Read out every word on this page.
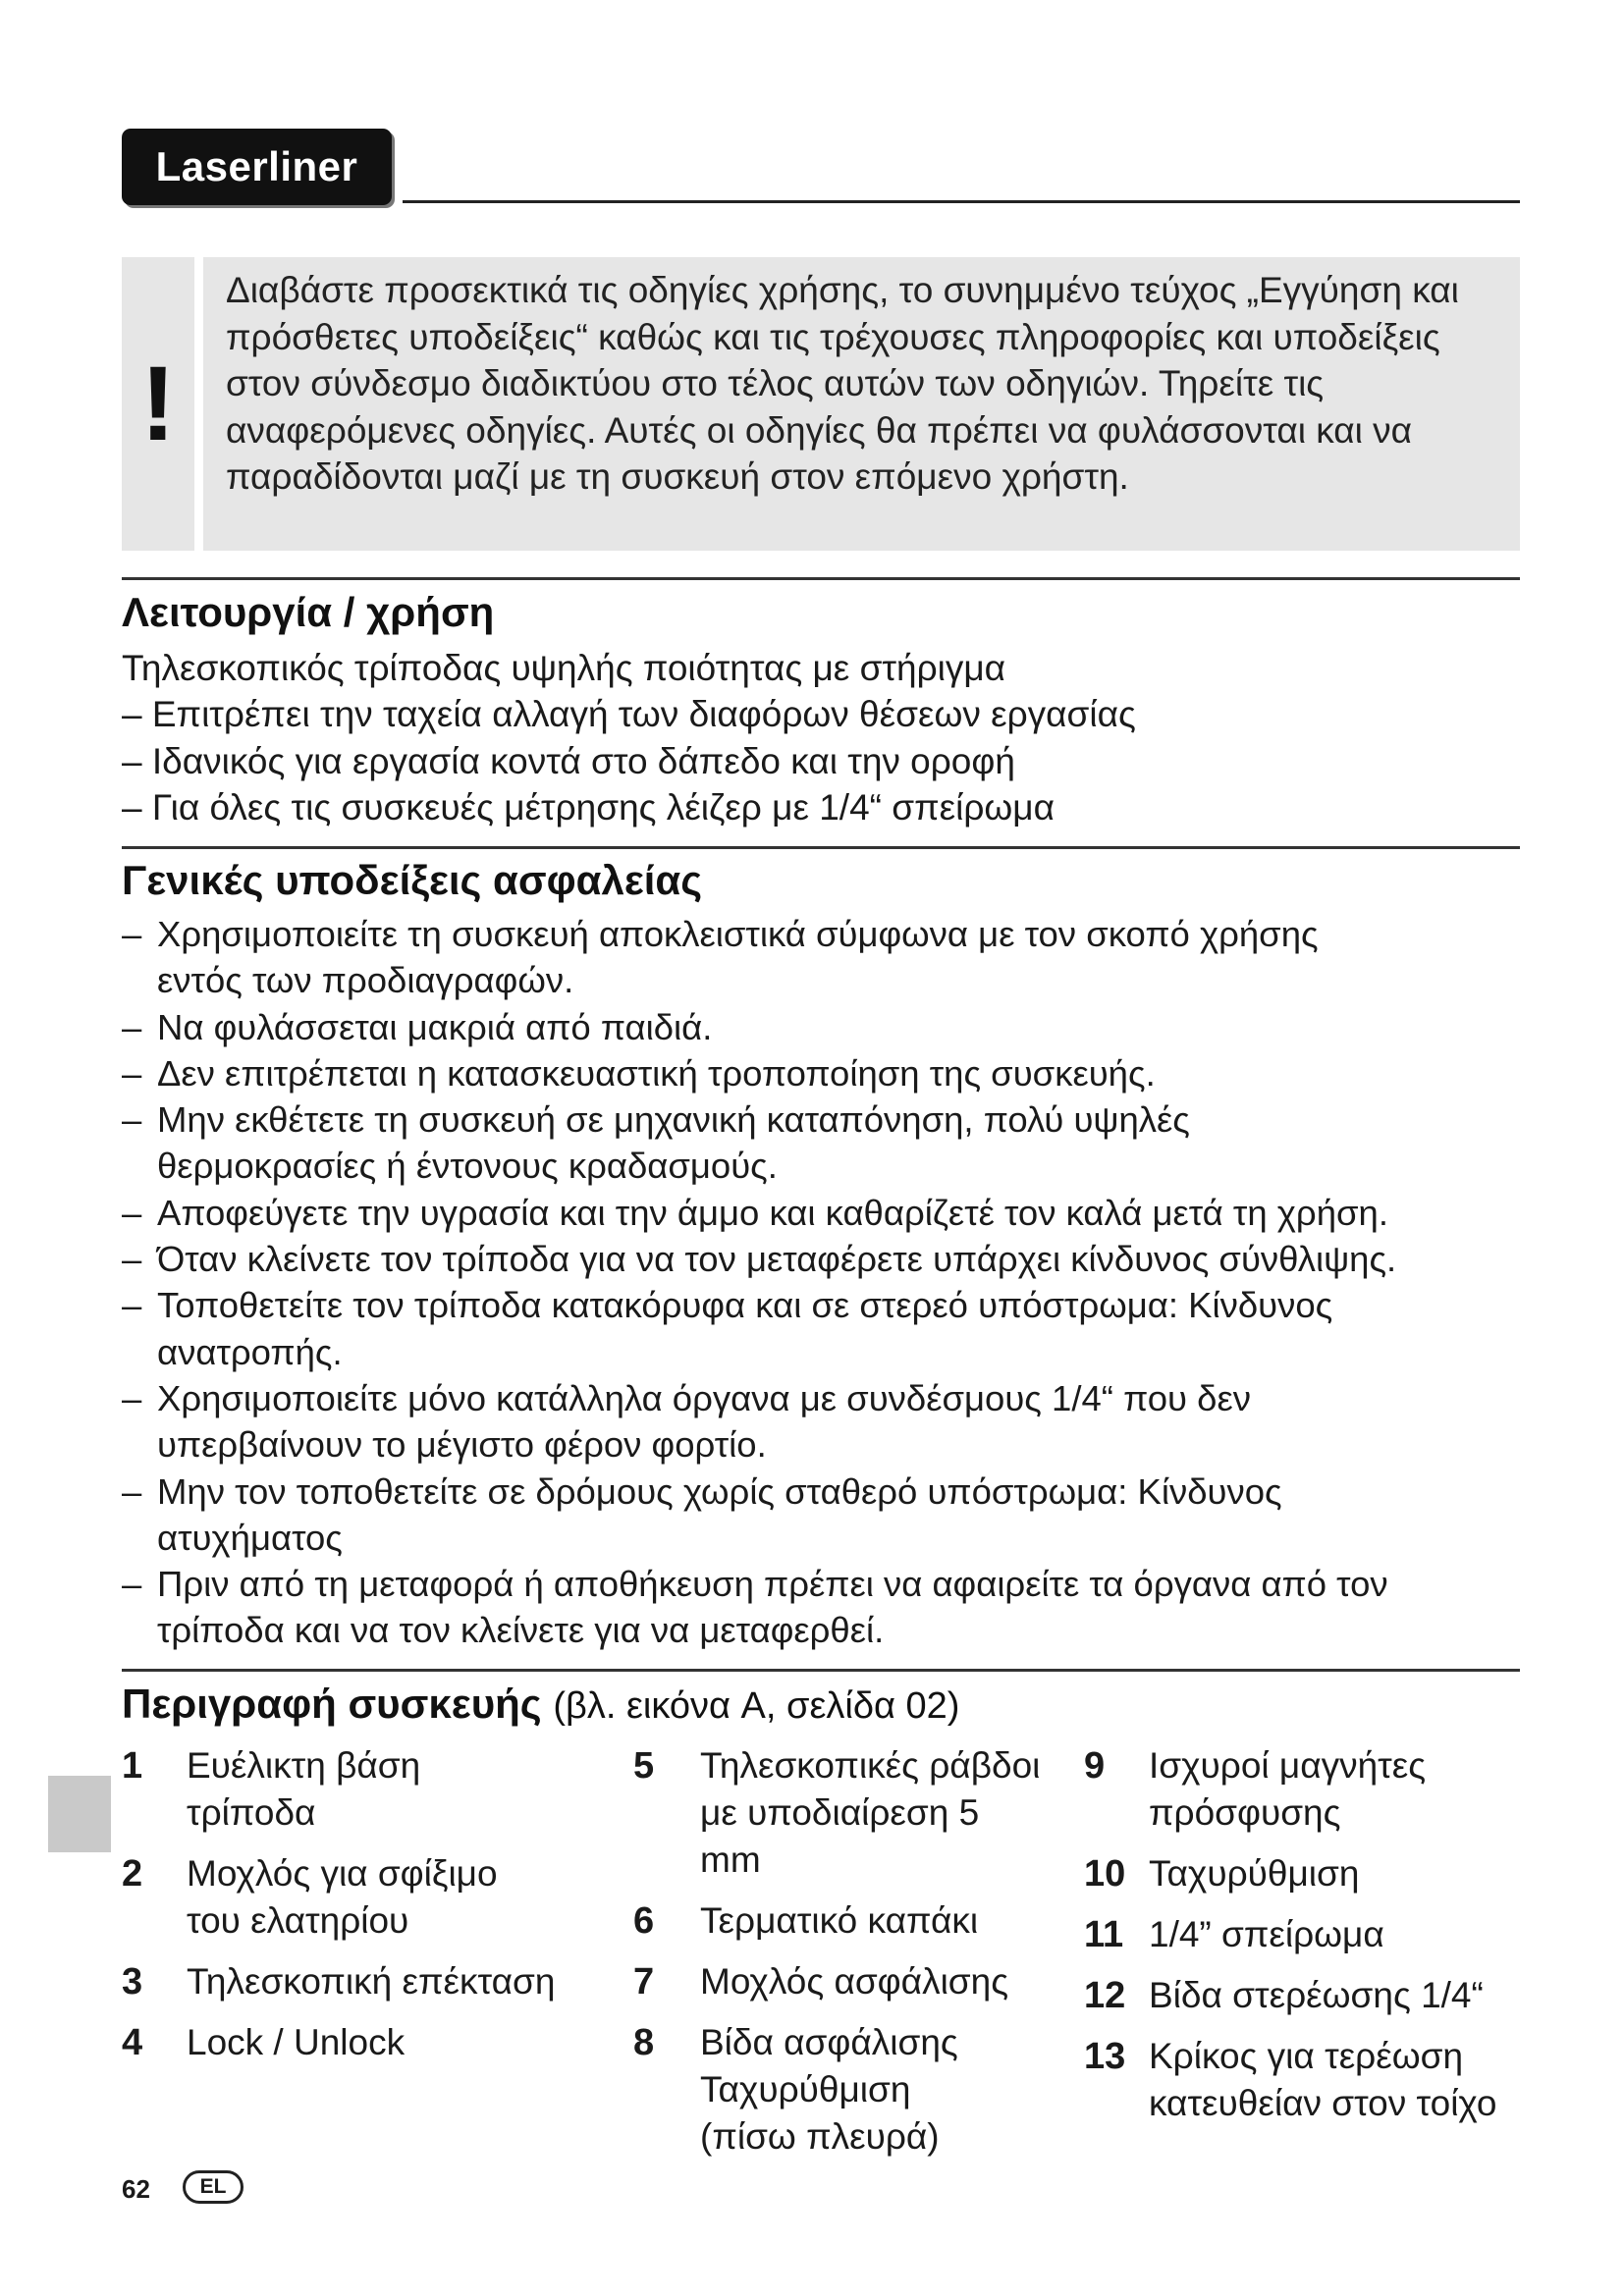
Laserliner
!
Διαβάστε προσεκτικά τις οδηγίες χρήσης, το συνημμένο τεύχος „Εγγύηση και πρόσθετες υποδείξεις“ καθώς και τις τρέχουσες πληροφορίες και υποδείξεις στον σύνδεσμο διαδικτύου στο τέλος αυτών των οδηγιών. Τηρείτε τις αναφερόμενες οδηγίες. Αυτές οι οδηγίες θα πρέπει να φυλάσσονται και να παραδίδονται μαζί με τη συσκευή στον επόμενο χρήστη.
Λειτουργία / χρήση
Τηλεσκοπικός τρίποδας υψηλής ποιότητας με στήριγμα
– Επιτρέπει την ταχεία αλλαγή των διαφόρων θέσεων εργασίας
– Ιδανικός για εργασία κοντά στο δάπεδο και την οροφή
– Για όλες τις συσκευές μέτρησης λέιζερ με 1/4“ σπείρωμα
Γενικές υποδείξεις ασφαλείας
– Χρησιμοποιείτε τη συσκευή αποκλειστικά σύμφωνα με τον σκοπό χρήσης εντός των προδιαγραφών.
– Να φυλάσσεται μακριά από παιδιά.
– Δεν επιτρέπεται η κατασκευαστική τροποποίηση της συσκευής.
– Μην εκθέτετε τη συσκευή σε μηχανική καταπόνηση, πολύ υψηλές θερμοκρασίες ή έντονους κραδασμούς.
– Αποφεύγετε την υγρασία και την άμμο και καθαρίζετέ τον καλά μετά τη χρήση.
– Όταν κλείνετε τον τρίποδα για να τον μεταφέρετε υπάρχει κίνδυνος σύνθλιψης.
– Τοποθετείτε τον τρίποδα κατακόρυφα και σε στερεό υπόστρωμα: Κίνδυνος ανατροπής.
– Χρησιμοποιείτε μόνο κατάλληλα όργανα με συνδέσμους 1/4“ που δεν υπερβαίνουν το μέγιστο φέρον φορτίο.
– Μην τον τοποθετείτε σε δρόμους χωρίς σταθερό υπόστρωμα: Κίνδυνος ατυχήματος
– Πριν από τη μεταφορά ή αποθήκευση πρέπει να αφαιρείτε τα όργανα από τον τρίποδα και να τον κλείνετε για να μεταφερθεί.
Περιγραφή συσκευής (βλ. εικόνα A, σελίδα 02)
1	Ευέλικτη βάση τρίποδα
2	Μοχλός για σφίξιμο του ελατηρίου
3	Τηλεσκοπική επέκταση
4	Lock / Unlock
5	Τηλεσκοπικές ράβδοι με υποδιαίρεση 5 mm
6	Τερματικό καπάκι
7	Μοχλός ασφάλισης
8	Βίδα ασφάλισης Ταχυρύθμιση (πίσω πλευρά)
9	Ισχυροί μαγνήτες πρόσφυσης
10 Ταχυρύθμιση
11 1/4” σπείρωμα
12 Βίδα στερέωσης 1/4“
13 Κρίκος για τερέωση κατευθείαν στον τοίχο
62	EL
